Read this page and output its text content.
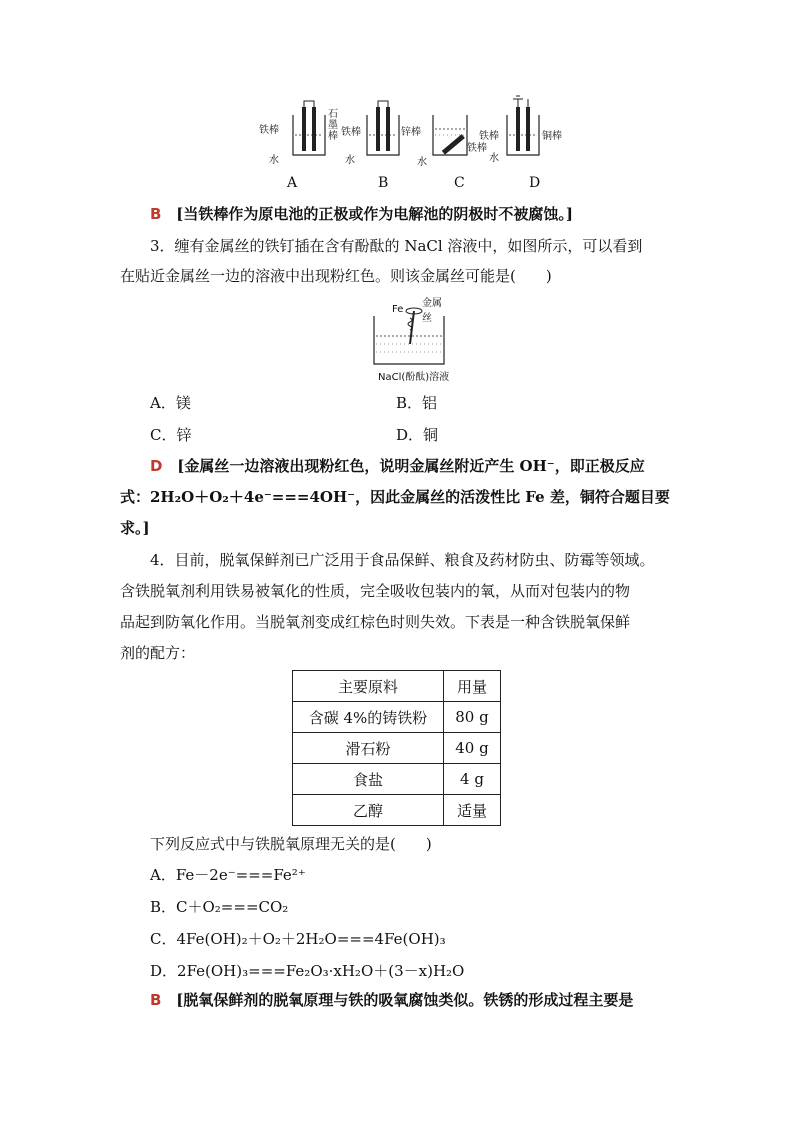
铁棒
石墨棒
水
铁棒	锌棒
水	水
铁棒
铁棒	铜棒
水
A	B	C	D
B [当铁棒作为原电池的正极或作为电解池的阴极时不被腐蚀。]
3．缠有金属丝的铁钉插在含有酚酞的 NaCl 溶液中，如图所示，可以看到
在贴近金属丝一边的溶液中出现粉红色。则该金属丝可能是(　　)
Fe
金属丝
NaCl(酚酞)溶液
A．镁	B．铝
C．锌	D．铜
D [金属丝一边溶液出现粉红色，说明金属丝附近产生 OH⁻，即正极反应
式：2H₂O＋O₂＋4e⁻===4OH⁻，因此金属丝的活泼性比 Fe 差，铜符合题目要
求。]
4．目前，脱氧保鲜剂已广泛用于食品保鲜、粮食及药材防虫、防霉等领域。
含铁脱氧剂利用铁易被氧化的性质，完全吸收包装内的氧，从而对包装内的物
品起到防氧化作用。当脱氧剂变成红棕色时则失效。下表是一种含铁脱氧保鲜
剂的配方：
主要原料	用量
含碳 4%的铸铁粉	80 g
滑石粉	40 g
食盐	4 g
乙醇	适量
下列反应式中与铁脱氧原理无关的是(　　)
A．Fe－2e⁻===Fe²⁺
B．C＋O₂===CO₂
C．4Fe(OH)₂＋O₂＋2H₂O===4Fe(OH)₃
D．2Fe(OH)₃===Fe₂O₃·xH₂O＋(3－x)H₂O
B [脱氧保鲜剂的脱氧原理与铁的吸氧腐蚀类似。铁锈的形成过程主要是
